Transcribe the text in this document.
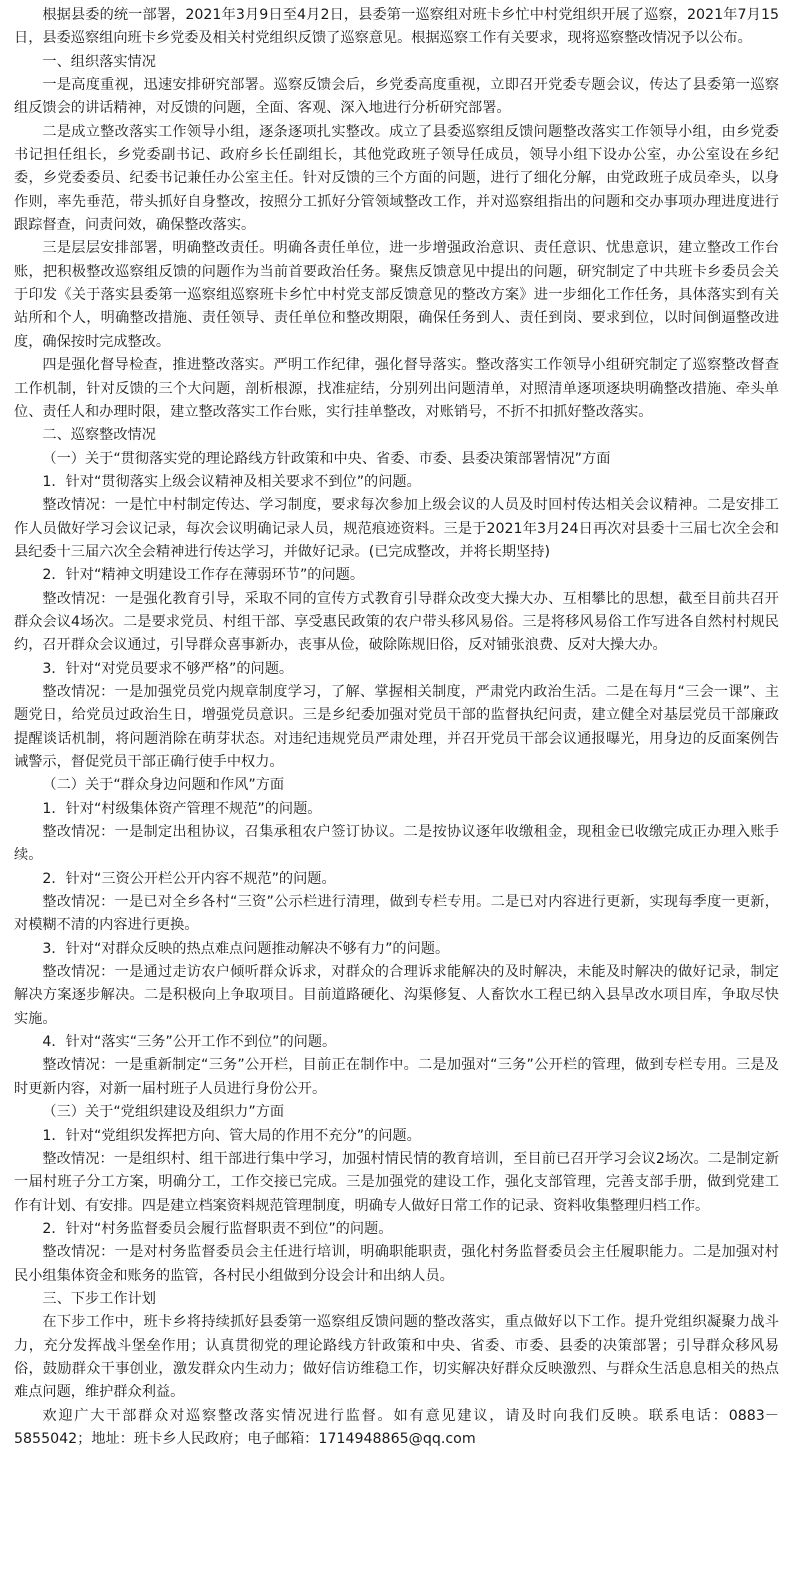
根据县委的统一部署，2021年3月9日至4月2日，县委第一巡察组对班卡乡忙中村党组织开展了巡察，2021年7月15日，县委巡察组向班卡乡党委及相关村党组织反馈了巡察意见。根据巡察工作有关要求，现将巡察整改情况予以公布。

一、组织落实情况

一是高度重视，迅速安排研究部署。巡察反馈会后，乡党委高度重视，立即召开党委专题会议，传达了县委第一巡察组反馈会的讲话精神，对反馈的问题，全面、客观、深入地进行分析研究部署。

二是成立整改落实工作领导小组，逐条逐项扎实整改。成立了县委巡察组反馈问题整改落实工作领导小组，由乡党委书记担任组长，乡党委副书记、政府乡长任副组长，其他党政班子领导任成员，领导小组下设办公室，办公室设在乡纪委，乡党委委员、纪委书记兼任办公室主任。针对反馈的三个方面的问题，进行了细化分解，由党政班子成员牵头，以身作则，率先垂范，带头抓好自身整改，按照分工抓好分管领域整改工作，并对巡察组指出的问题和交办事项办理进度进行跟踪督查，问责问效，确保整改落实。

三是层层安排部署，明确整改责任。明确各责任单位，进一步增强政治意识、责任意识、忧患意识，建立整改工作台账，把积极整改巡察组反馈的问题作为当前首要政治任务。聚焦反馈意见中提出的问题，研究制定了中共班卡乡委员会关于印发《关于落实县委第一巡察组巡察班卡乡忙中村党支部反馈意见的整改方案》进一步细化工作任务，具体落实到有关站所和个人，明确整改措施、责任领导、责任单位和整改期限，确保任务到人、责任到岗、要求到位，以时间倒逼整改进度，确保按时完成整改。

四是强化督导检查，推进整改落实。严明工作纪律，强化督导落实。整改落实工作领导小组研究制定了巡察整改督查工作机制，针对反馈的三个大问题，剖析根源，找准症结，分别列出问题清单，对照清单逐项逐块明确整改措施、牵头单位、责任人和办理时限，建立整改落实工作台账，实行挂单整改，对账销号，不折不扣抓好整改落实。

二、巡察整改情况

（一）关于“贯彻落实党的理论路线方针政策和中央、省委、市委、县委决策部署情况”方面

1．针对“贯彻落实上级会议精神及相关要求不到位”的问题。

整改情况：一是忙中村制定传达、学习制度，要求每次参加上级会议的人员及时回村传达相关会议精神。二是安排工作人员做好学习会议记录，每次会议明确记录人员，规范痕迹资料。三是于2021年3月24日再次对县委十三届七次全会和县纪委十三届六次全会精神进行传达学习，并做好记录。(已完成整改，并将长期坚持)

2．针对“精神文明建设工作存在薄弱环节”的问题。

整改情况：一是强化教育引导，采取不同的宣传方式教育引导群众改变大操大办、互相攀比的思想，截至目前共召开群众会议4场次。二是要求党员、村组干部、享受惠民政策的农户带头移风易俗。三是将移风易俗工作写进各自然村村规民约，召开群众会议通过，引导群众喜事新办，丧事从俭，破除陈规旧俗，反对铺张浪费、反对大操大办。

3．针对“对党员要求不够严格”的问题。

整改情况：一是加强党员党内规章制度学习，了解、掌握相关制度，严肃党内政治生活。二是在每月“三会一课”、主题党日，给党员过政治生日，增强党员意识。三是乡纪委加强对党员干部的监督执纪问责，建立健全对基层党员干部廉政提醒谈话机制，将问题消除在萌芽状态。对违纪违规党员严肃处理，并召开党员干部会议通报曝光，用身边的反面案例告诫警示，督促党员干部正确行使手中权力。

（二）关于“群众身边问题和作风”方面

1．针对“村级集体资产管理不规范”的问题。

整改情况：一是制定出租协议，召集承租农户签订协议。二是按协议逐年收缴租金，现租金已收缴完成正办理入账手续。

2．针对“三资公开栏公开内容不规范”的问题。

整改情况：一是已对全乡各村“三资”公示栏进行清理，做到专栏专用。二是已对内容进行更新，实现每季度一更新，对模糊不清的内容进行更换。

3．针对“对群众反映的热点难点问题推动解决不够有力”的问题。

整改情况：一是通过走访农户倾听群众诉求，对群众的合理诉求能解决的及时解决，未能及时解决的做好记录，制定解决方案逐步解决。二是积极向上争取项目。目前道路硬化、沟渠修复、人畜饮水工程已纳入县旱改水项目库，争取尽快实施。

4．针对“落实“三务”公开工作不到位”的问题。

整改情况：一是重新制定“三务”公开栏，目前正在制作中。二是加强对“三务”公开栏的管理，做到专栏专用。三是及时更新内容，对新一届村班子人员进行身份公开。

（三）关于“党组织建设及组织力”方面

1．针对“党组织发挥把方向、管大局的作用不充分”的问题。

整改情况：一是组织村、组干部进行集中学习，加强村情民情的教育培训，至目前已召开学习会议2场次。二是制定新一届村班子分工方案，明确分工，工作交接已完成。三是加强党的建设工作，强化支部管理，完善支部手册，做到党建工作有计划、有安排。四是建立档案资料规范管理制度，明确专人做好日常工作的记录、资料收集整理归档工作。

2．针对“村务监督委员会履行监督职责不到位”的问题。

整改情况：一是对村务监督委员会主任进行培训，明确职能职责，强化村务监督委员会主任履职能力。二是加强对村民小组集体资金和账务的监管，各村民小组做到分设会计和出纳人员。

三、下步工作计划

在下步工作中，班卡乡将持续抓好县委第一巡察组反馈问题的整改落实，重点做好以下工作。提升党组织凝聚力战斗力，充分发挥战斗堡垒作用；认真贯彻党的理论路线方针政策和中央、省委、市委、县委的决策部署；引导群众移风易俗，鼓励群众干事创业，激发群众内生动力；做好信访维稳工作，切实解决好群众反映激烈、与群众生活息息相关的热点难点问题，维护群众利益。

欢迎广大干部群众对巡察整改落实情况进行监督。如有意见建议，请及时向我们反映。联系电话：0883－5855042；地址：班卡乡人民政府；电子邮箱：1714948865@qq.com
